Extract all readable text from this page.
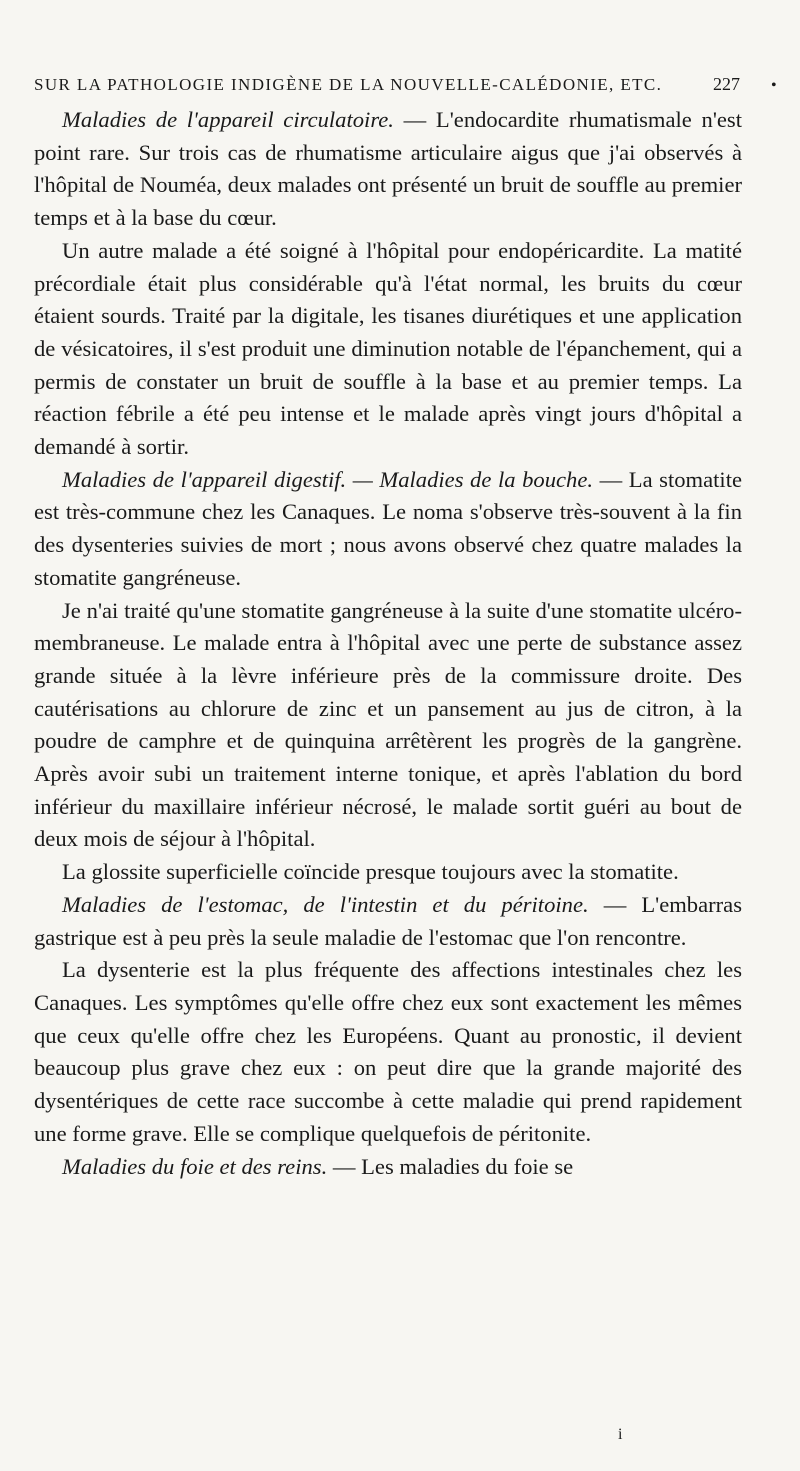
SUR LA PATHOLOGIE INDIGÈNE DE LA NOUVELLE-CALÉDONIE, ETC.	227 •

Maladies de l'appareil circulatoire. — L'endocardite rhumatismale n'est point rare. Sur trois cas de rhumatisme articulaire aigus que j'ai observés à l'hôpital de Nouméa, deux malades ont présenté un bruit de souffle au premier temps et à la base du cœur.

Un autre malade a été soigné à l'hôpital pour endopéricardite. La matité précordiale était plus considérable qu'à l'état normal, les bruits du cœur étaient sourds. Traité par la digitale, les tisanes diurétiques et une application de vésicatoires, il s'est produit une diminution notable de l'épanchement, qui a permis de constater un bruit de souffle à la base et au premier temps. La réaction fébrile a été peu intense et le malade après vingt jours d'hôpital a demandé à sortir.

Maladies de l'appareil digestif. — Maladies de la bouche. — La stomatite est très-commune chez les Canaques. Le noma s'observe très-souvent à la fin des dysenteries suivies de mort ; nous avons observé chez quatre malades la stomatite gangréneuse.

Je n'ai traité qu'une stomatite gangréneuse à la suite d'une stomatite ulcéro-membraneuse. Le malade entra à l'hôpital avec une perte de substance assez grande située à la lèvre inférieure près de la commissure droite. Des cautérisations au chlorure de zinc et un pansement au jus de citron, à la poudre de camphre et de quinquina arrêtèrent les progrès de la gangrène. Après avoir subi un traitement interne tonique, et après l'ablation du bord inférieur du maxillaire inférieur nécrosé, le malade sortit guéri au bout de deux mois de séjour à l'hôpital.

La glossite superficielle coïncide presque toujours avec la stomatite.

Maladies de l'estomac, de l'intestin et du péritoine. — L'embarras gastrique est à peu près la seule maladie de l'estomac que l'on rencontre.

La dysenterie est la plus fréquente des affections intestinales chez les Canaques. Les symptômes qu'elle offre chez eux sont exactement les mêmes que ceux qu'elle offre chez les Européens. Quant au pronostic, il devient beaucoup plus grave chez eux : on peut dire que la grande majorité des dysentériques de cette race succombe à cette maladie qui prend rapidement une forme grave. Elle se complique quelquefois de péritonite.

Maladies du foie et des reins. — Les maladies du foie se

i
